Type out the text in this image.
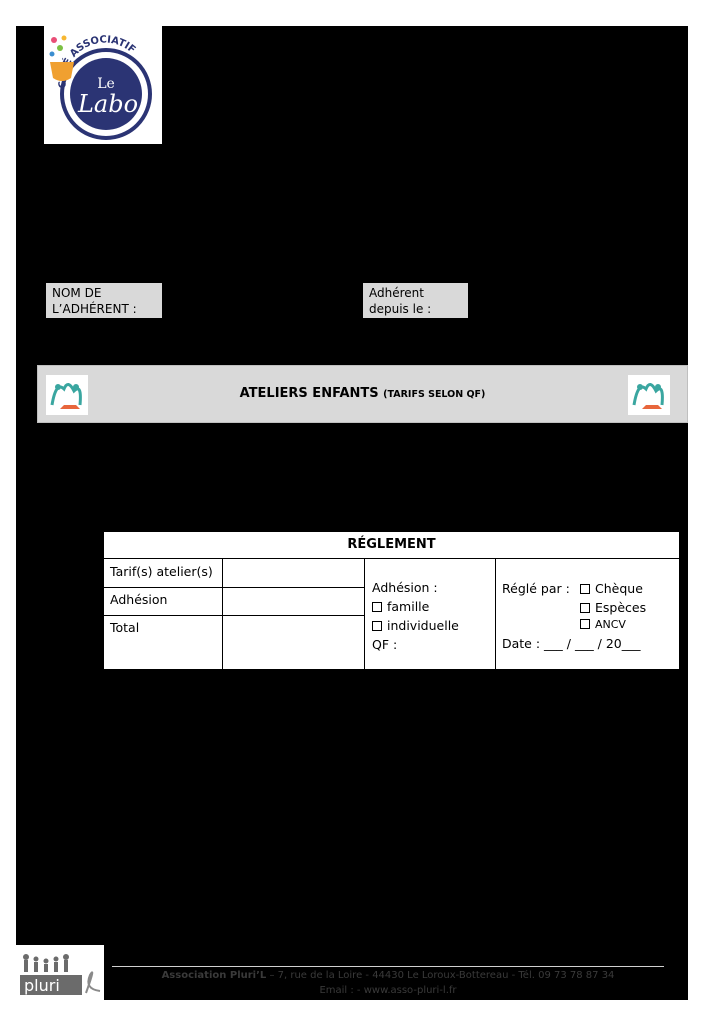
C ASSOCIATIF
Le
Labo
NOM DE L’ADHÉRENT :
Adhérent depuis le :
ATELIERS ENFANTS (TARIFS SELON QF)
RÉGLEMENT
Tarif(s) atelier(s)
Adhésion
Total
Adhésion :
famille
individuelle
QF :
Réglé par :	Chèque
Espèces
ANCV
Date : ___ / ___ / 20___
pluri
Association Pluri’L – 7, rue de la Loire - 44430 Le Loroux-Bottereau - Tél. 09 73 78 87 34
Email : - www.asso-pluri-l.fr
